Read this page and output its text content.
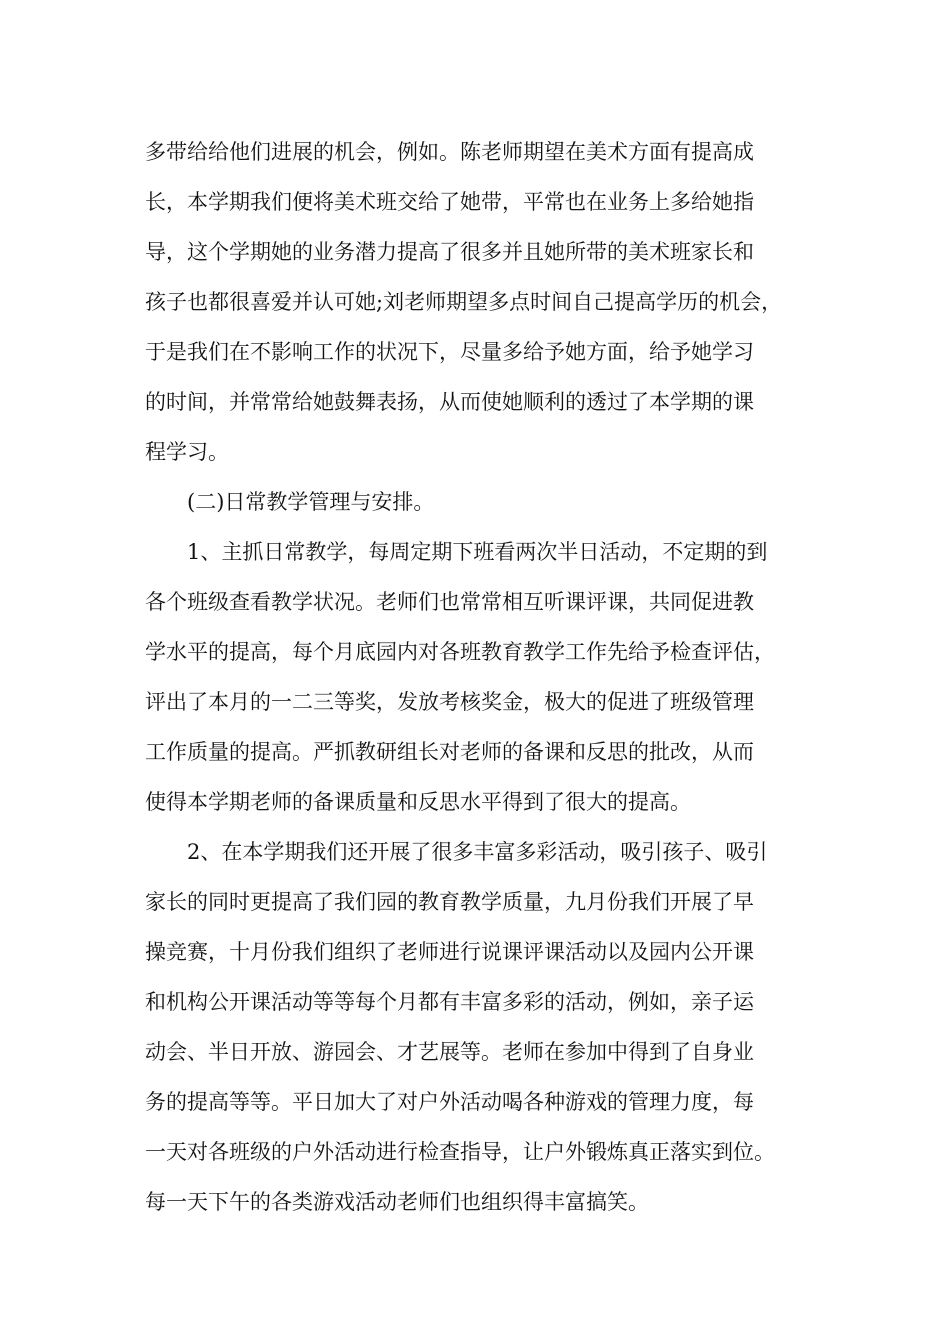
多带给给他们进展的机会，例如。陈老师期望在美术方面有提高成
长，本学期我们便将美术班交给了她带，平常也在业务上多给她指
导，这个学期她的业务潜力提高了很多并且她所带的美术班家长和
孩子也都很喜爱并认可她;刘老师期望多点时间自己提高学历的机会，
于是我们在不影响工作的状况下，尽量多给予她方面，给予她学习
的时间，并常常给她鼓舞表扬，从而使她顺利的透过了本学期的课
程学习。
(二)日常教学管理与安排。
1、主抓日常教学，每周定期下班看两次半日活动，不定期的到
各个班级查看教学状况。老师们也常常相互听课评课，共同促进教
学水平的提高，每个月底园内对各班教育教学工作先给予检查评估，
评出了本月的一二三等奖，发放考核奖金，极大的促进了班级管理
工作质量的提高。严抓教研组长对老师的备课和反思的批改，从而
使得本学期老师的备课质量和反思水平得到了很大的提高。
2、在本学期我们还开展了很多丰富多彩活动，吸引孩子、吸引
家长的同时更提高了我们园的教育教学质量，九月份我们开展了早
操竞赛，十月份我们组织了老师进行说课评课活动以及园内公开课
和机构公开课活动等等每个月都有丰富多彩的活动，例如，亲子运
动会、半日开放、游园会、才艺展等。老师在参加中得到了自身业
务的提高等等。平日加大了对户外活动喝各种游戏的管理力度，每
一天对各班级的户外活动进行检查指导，让户外锻炼真正落实到位。
每一天下午的各类游戏活动老师们也组织得丰富搞笑。
